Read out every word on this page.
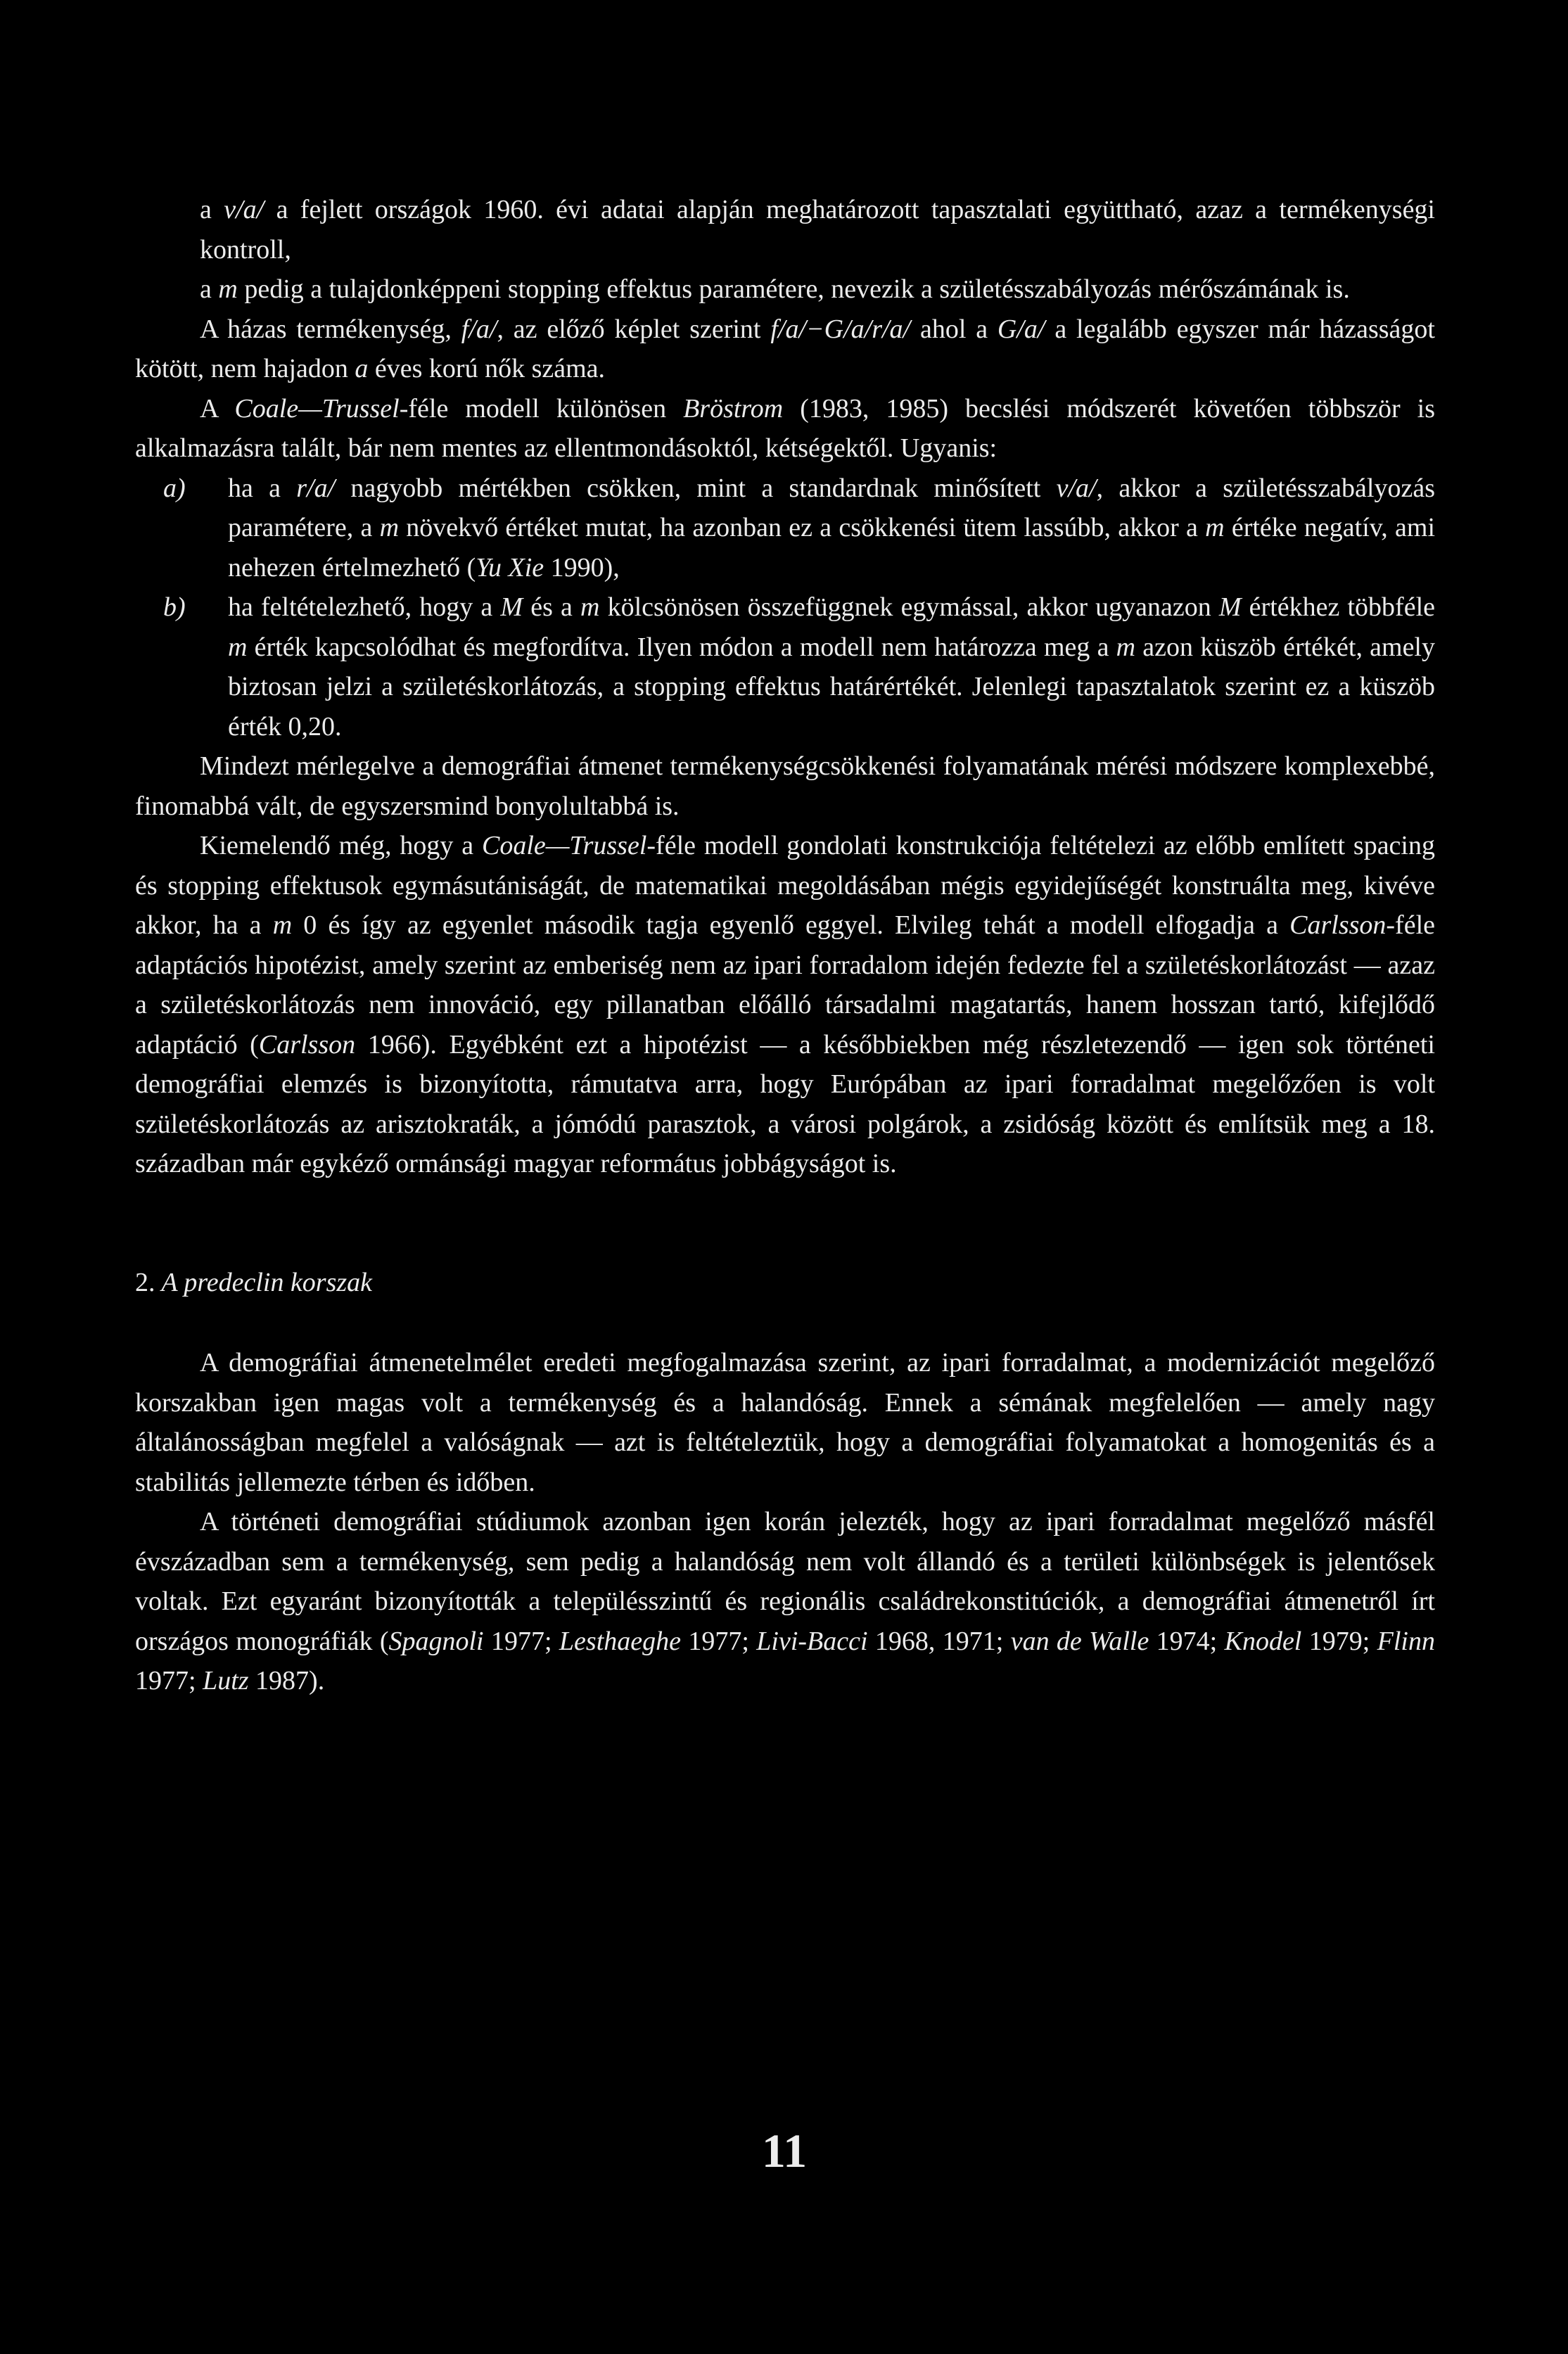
a v/a/ a fejlett országok 1960. évi adatai alapján meghatározott tapasztalati együttható, azaz a termékenységi kontroll,

a m pedig a tulajdonképpeni stopping effektus paramétere, nevezik a születésszabályozás mérőszámának is.

A házas termékenység, f/a/, az előző képlet szerint f/a/−G/a/r/a/ ahol a G/a/ a legalább egyszer már házasságot kötött, nem hajadon a éves korú nők száma.

A Coale—Trussel-féle modell különösen Bröstrom (1983, 1985) becslési módszerét követően többször is alkalmazásra talált, bár nem mentes az ellentmondásoktól, kétségektől. Ugyanis:

a)	ha a r/a/ nagyobb mértékben csökken, mint a standardnak minősített v/a/, akkor a születésszabályozás paramétere, a m növekvő értéket mutat, ha azonban ez a csökkenési ütem lassúbb, akkor a m értéke negatív, ami nehezen értelmezhető (Yu Xie 1990),
b)	ha feltételezhető, hogy a M és a m kölcsönösen összefüggnek egymással, akkor ugyanazon M értékhez többféle m érték kapcsolódhat és megfordítva. Ilyen módon a modell nem határozza meg a m azon küszöb értékét, amely biztosan jelzi a születéskorlátozás, a stopping effektus határértékét. Jelenlegi tapasztalatok szerint ez a küszöb érték 0,20.

Mindezt mérlegelve a demográfiai átmenet termékenységcsökkenési folyamatának mérési módszere komplexebbé, finomabbá vált, de egyszersmind bonyolultabbá is.

Kiemelendő még, hogy a Coale—Trussel-féle modell gondolati konstrukciója feltételezi az előbb említett spacing és stopping effektusok egymásutániságát, de matematikai megoldásában mégis egyidejűségét konstruálta meg, kivéve akkor, ha a m 0 és így az egyenlet második tagja egyenlő eggyel. Elvileg tehát a modell elfogadja a Carlsson-féle adaptációs hipotézist, amely szerint az emberiség nem az ipari forradalom idején fedezte fel a születéskorlátozást — azaz a születéskorlátozás nem innováció, egy pillanatban előálló társadalmi magatartás, hanem hosszan tartó, kifejlődő adaptáció (Carlsson 1966). Egyébként ezt a hipotézist — a későbbiekben még részletezendő — igen sok történeti demográfiai elemzés is bizonyította, rámutatva arra, hogy Európában az ipari forradalmat megelőzően is volt születéskorlátozás az arisztokraták, a jómódú parasztok, a városi polgárok, a zsidóság között és említsük meg a 18. században már egykéző ormánsági magyar református jobbágyságot is.

2. A predeclin korszak

A demográfiai átmenetelmélet eredeti megfogalmazása szerint, az ipari forradalmat, a modernizációt megelőző korszakban igen magas volt a termékenység és a halandóság. Ennek a sémának megfelelően — amely nagy általánosságban megfelel a valóságnak — azt is feltételeztük, hogy a demográfiai folyamatokat a homogenitás és a stabilitás jellemezte térben és időben.

A történeti demográfiai stúdiumok azonban igen korán jelezték, hogy az ipari forradalmat megelőző másfél évszázadban sem a termékenység, sem pedig a halandóság nem volt állandó és a területi különbségek is jelentősek voltak. Ezt egyaránt bizonyították a településszintű és regionális családrekonstitúciók, a demográfiai átmenetről írt országos monográfiák (Spagnoli 1977; Lesthaeghe 1977; Livi-Bacci 1968, 1971; van de Walle 1974; Knodel 1979; Flinn 1977; Lutz 1987).

11
